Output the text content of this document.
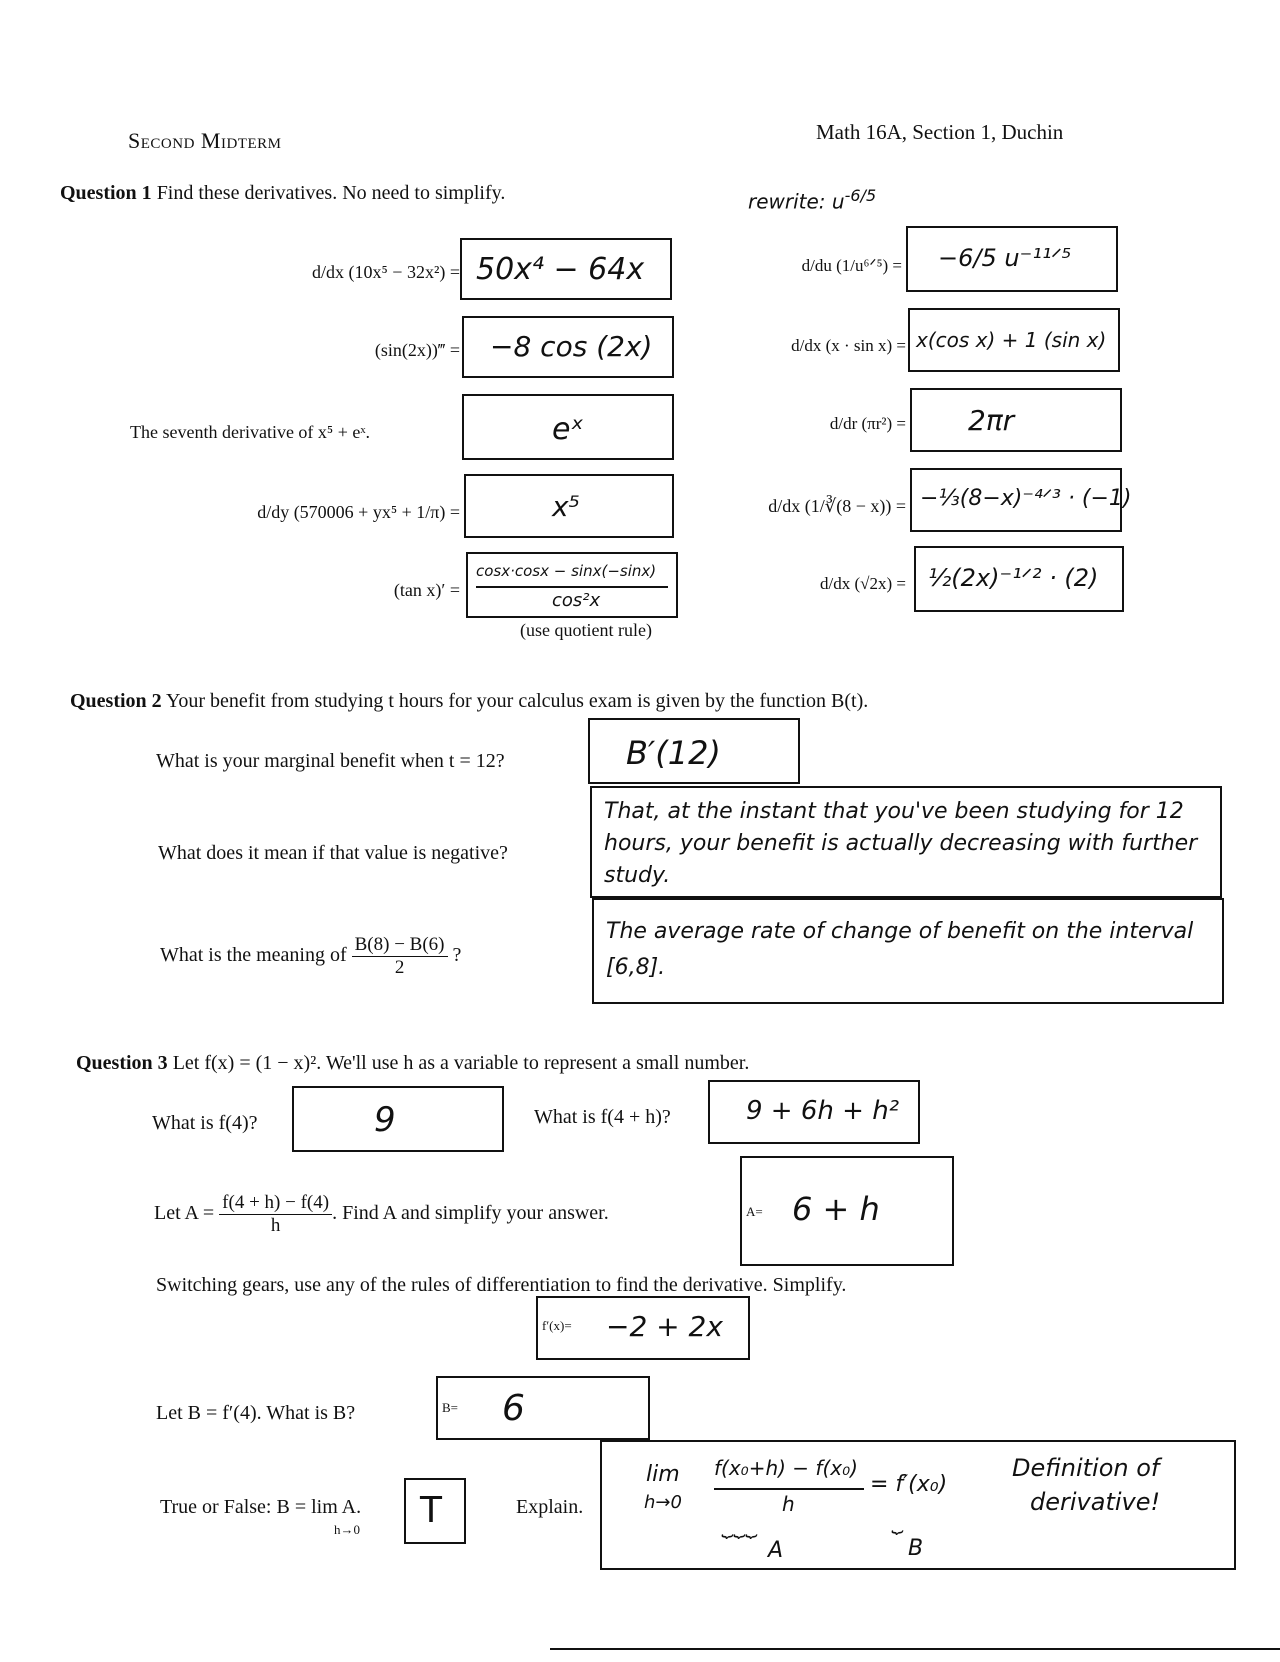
Second Midterm	Math 16A, Section 1, Duchin
Question 1 Find these derivatives. No need to simplify.	rewrite: $u^{-6/5}$
d/dx (10x⁵ − 32x²) = 50x⁴ − 64x
(sin(2x))‴ = −8 cos (2x)
The seventh derivative of x⁵ + eˣ.	eˣ
d/dy (570006 + yx⁵ + 1/π) =	x⁵
(tan x)′ =
cosx·cosx − sinx(−sinx)
cos²x
(use quotient rule)
d/du (1/u⁶ᐟ⁵) = −6/5 u⁻¹¹ᐟ⁵
d/dx (x · sin x) = x(cos x) + 1 (sin x)
d/dr (πr²) = 2πr
d/dx (1/∛(8 − x)) = −⅓(8−x)⁻⁴ᐟ³ · (−1)
d/dx (√2x) = ½(2x)⁻¹ᐟ² · (2)
Question 2 Your benefit from studying t hours for your calculus exam is given by the function B(t).
What is your marginal benefit when t = 12?	B′(12)
What does it mean if that value is negative?
That, at the instant that you've been studying for 12 hours, your benefit is actually decreasing with further study.
What is the meaning of $\frac{B(8) - B(6)}{2}$ ?
The average rate of change of benefit on the interval [6,8].
Question 3 Let f(x) = (1 − x)². We'll use h as a variable to represent a small number.
What is f(4)?	9	What is f(4 + h)?	9 + 6h + h²
Let $A = \frac{f(4 + h) - f(4)}{h}$ . Find A and simplify your answer.	A= 6 + h
Switching gears, use any of the rules of differentiation to find the derivative. Simplify.
f′(x)= −2 + 2x
Let B = f′(4). What is B?	B= 6
True or False: B = lim A.
h→0 T	Explain.
lim
h→0
f(x₀+h) − f(x₀)
h
= f′(x₀)
⏟⏟⏟
A
⏟
B
Definition of
derivative!
